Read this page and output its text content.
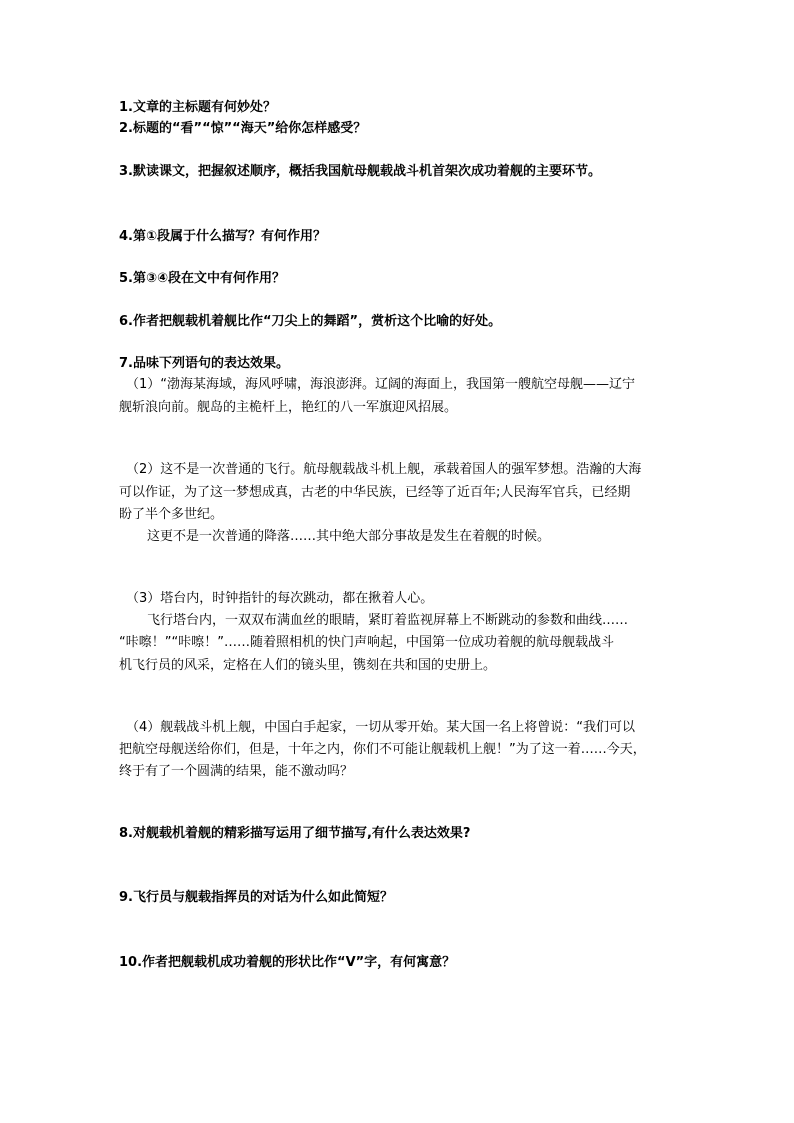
1.文章的主标题有何妙处？
2.标题的“看”“惊”“海天”给你怎样感受？
3.默读课文，把握叙述顺序，概括我国航母舰载战斗机首架次成功着舰的主要环节。
4.第①段属于什么描写？有何作用？
5.第③④段在文中有何作用？
6.作者把舰载机着舰比作“刀尖上的舞蹈”，赏析这个比喻的好处。
7.品味下列语句的表达效果。
（1）“渤海某海域，海风呼啸，海浪澎湃。辽阔的海面上，我国第一艘航空母舰——辽宁
舰斩浪向前。舰岛的主桅杆上，艳红的八一军旗迎风招展。
（2）这不是一次普通的飞行。航母舰载战斗机上舰，承载着国人的强军梦想。浩瀚的大海
可以作证，为了这一梦想成真，古老的中华民族，已经等了近百年;人民海军官兵，已经期
盼了半个多世纪。
这更不是一次普通的降落……其中绝大部分事故是发生在着舰的时候。
（3）塔台内，时钟指针的每次跳动，都在揪着人心。
飞行塔台内，一双双布满血丝的眼睛，紧盯着监视屏幕上不断跳动的参数和曲线……
“咔嚓！”“咔嚓！”……随着照相机的快门声响起，中国第一位成功着舰的航母舰载战斗
机飞行员的风采，定格在人们的镜头里，镌刻在共和国的史册上。
（4）舰载战斗机上舰，中国白手起家，一切从零开始。某大国一名上将曾说：“我们可以
把航空母舰送给你们，但是，十年之内，你们不可能让舰载机上舰！”为了这一着……今天，
终于有了一个圆满的结果，能不激动吗？
8.对舰载机着舰的精彩描写运用了细节描写,有什么表达效果?
9.飞行员与舰载指挥员的对话为什么如此简短？
10.作者把舰载机成功着舰的形状比作“V”字，有何寓意？
